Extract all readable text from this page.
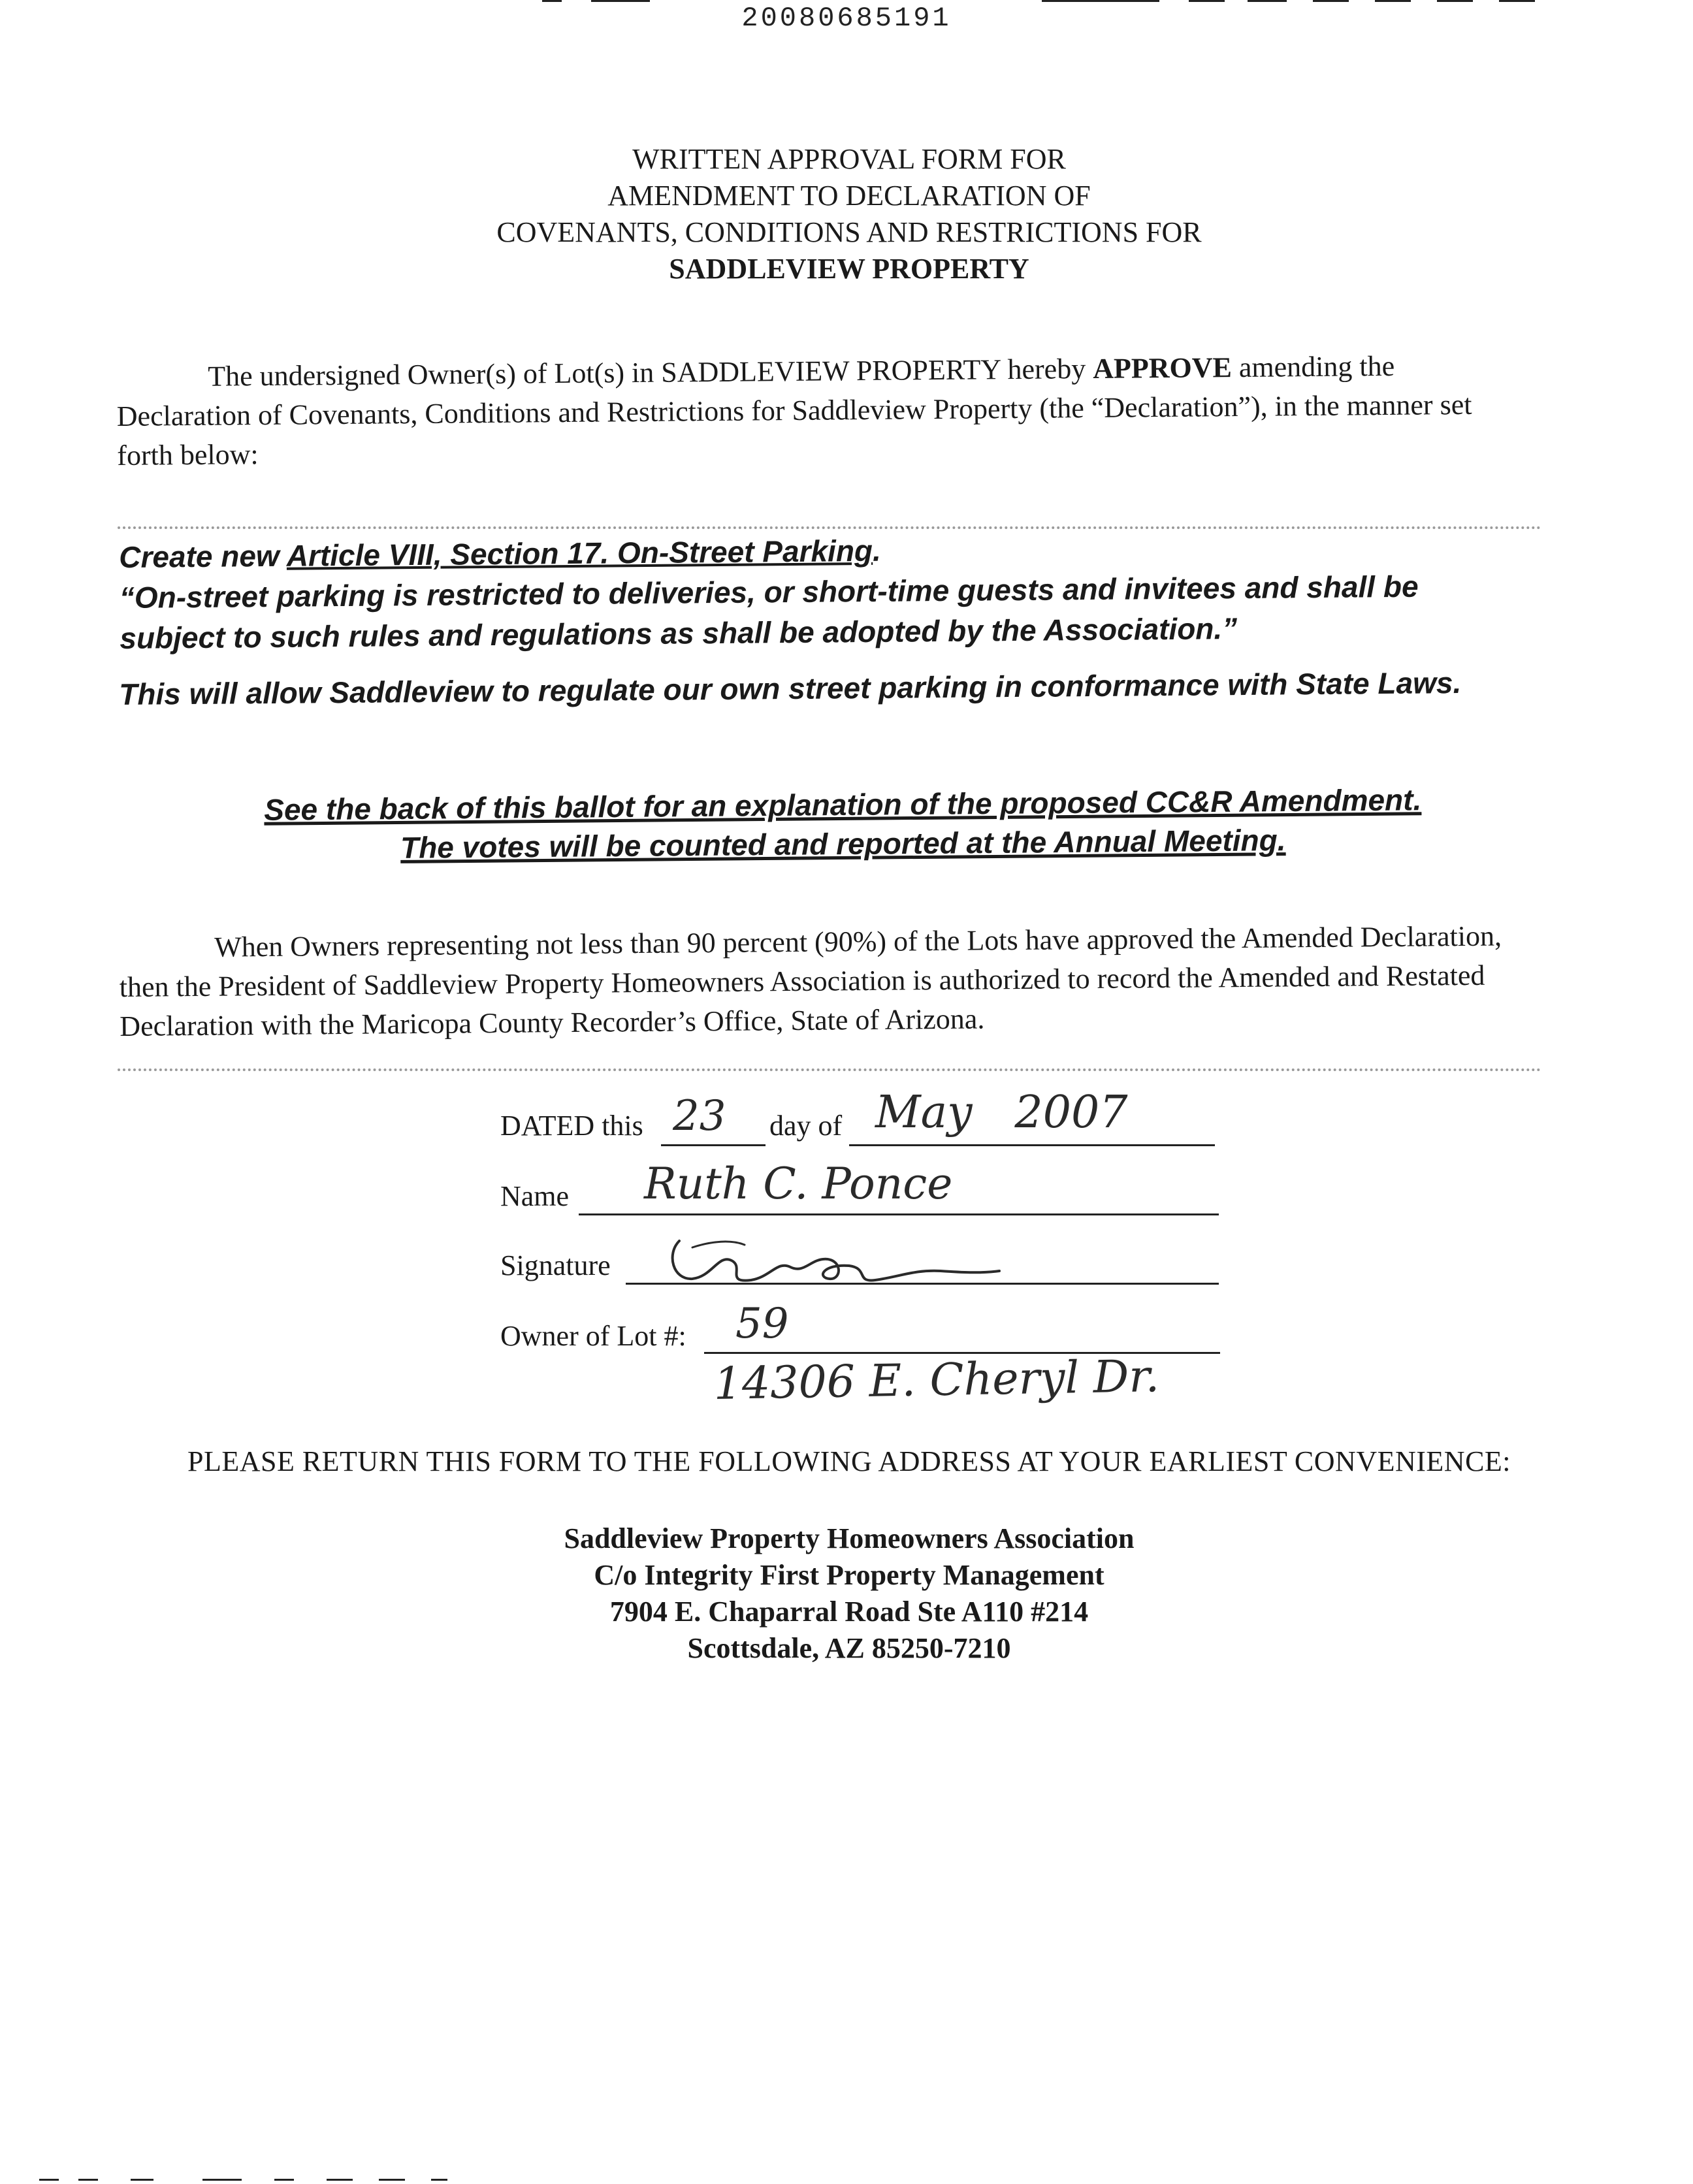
20080685191
WRITTEN APPROVAL FORM FOR
AMENDMENT TO DECLARATION OF
COVENANTS, CONDITIONS AND RESTRICTIONS FOR
SADDLEVIEW PROPERTY
The undersigned Owner(s) of Lot(s) in SADDLEVIEW PROPERTY hereby APPROVE amending the Declaration of Covenants, Conditions and Restrictions for Saddleview Property (the “Declaration”), in the manner set forth below:
Create new Article VIII, Section 17. On-Street Parking.
“On-street parking is restricted to deliveries, or short-time guests and invitees and shall be
subject to such rules and regulations as shall be adopted by the Association.”
This will allow Saddleview to regulate our own street parking in conformance with State Laws.
See the back of this ballot for an explanation of the proposed CC&R Amendment.
The votes will be counted and reported at the Annual Meeting.
When Owners representing not less than 90 percent (90%) of the Lots have approved the Amended Declaration, then the President of Saddleview Property Homeowners Association is authorized to record the Amended and Restated Declaration with the Maricopa County Recorder’s Office, State of Arizona.
DATED this 23 day of May   2007
Name Ruth C. Ponce
Signature
Owner of Lot #: 59
14306 E. Cheryl Dr.
PLEASE RETURN THIS FORM TO THE FOLLOWING ADDRESS AT YOUR EARLIEST CONVENIENCE:
Saddleview Property Homeowners Association
C/o Integrity First Property Management
7904 E. Chaparral Road Ste A110 #214
Scottsdale, AZ 85250-7210
